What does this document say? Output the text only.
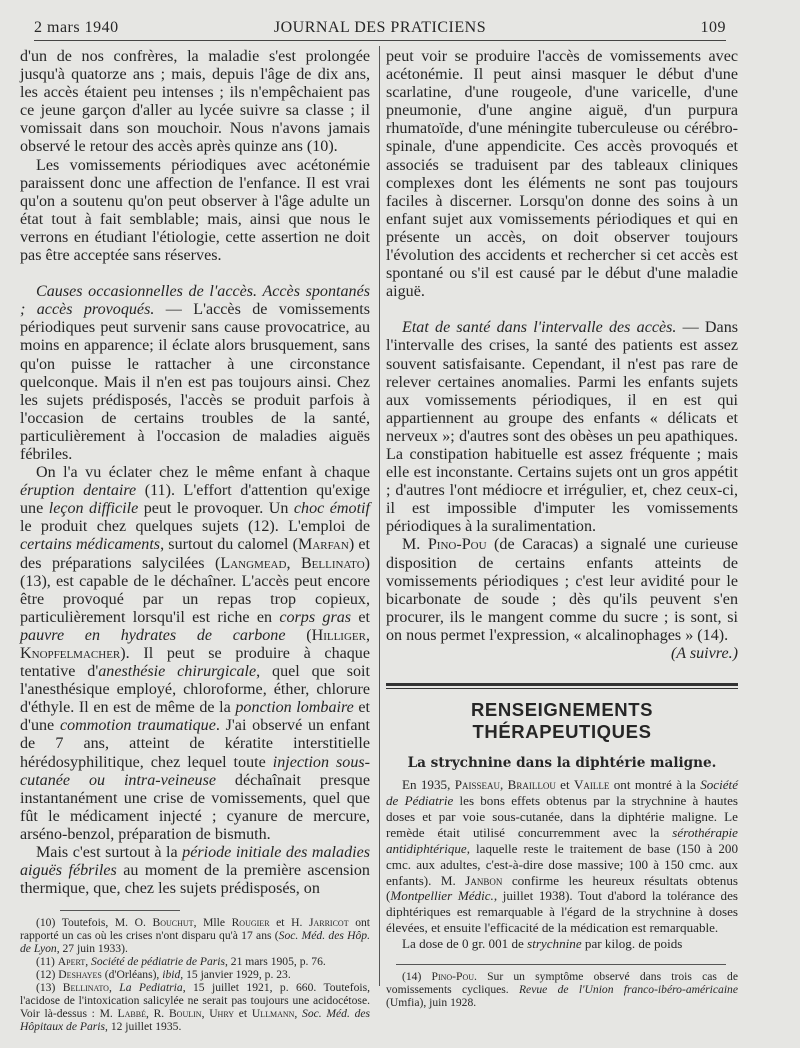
2 mars 1940	JOURNAL DES PRATICIENS	109

d'un de nos confrères, la maladie s'est prolongée jusqu'à quatorze ans ; mais, depuis l'âge de dix ans, les accès étaient peu intenses ; ils n'empêchaient pas ce jeune garçon d'aller au lycée suivre sa classe ; il vomissait dans son mouchoir. Nous n'avons jamais observé le retour des accès après quinze ans (10).

Les vomissements périodiques avec acétonémie paraissent donc une affection de l'enfance. Il est vrai qu'on a soutenu qu'on peut observer à l'âge adulte un état tout à fait semblable; mais, ainsi que nous le verrons en étudiant l'étiologie, cette assertion ne doit pas être acceptée sans réserves.

Causes occasionnelles de l'accès. Accès spontanés ; accès provoqués. — L'accès de vomissements périodiques peut survenir sans cause provocatrice, au moins en apparence; il éclate alors brusquement, sans qu'on puisse le rattacher à une circonstance quelconque. Mais il n'en est pas toujours ainsi. Chez les sujets prédisposés, l'accès se produit parfois à l'occasion de certains troubles de la santé, particulièrement à l'occasion de maladies aiguës fébriles.

On l'a vu éclater chez le même enfant à chaque éruption dentaire (11). L'effort d'attention qu'exige une leçon difficile peut le provoquer. Un choc émotif le produit chez quelques sujets (12). L'emploi de certains médicaments, surtout du calomel (Marfan) et des préparations salycilées (Langmead, Bellinato) (13), est capable de le déchaîner. L'accès peut encore être provoqué par un repas trop copieux, particulièrement lorsqu'il est riche en corps gras et pauvre en hydrates de carbone (Hilliger, Knopfelmacher). Il peut se produire à chaque tentative d'anesthésie chirurgicale, quel que soit l'anesthésique employé, chloroforme, éther, chlorure d'éthyle. Il en est de même de la ponction lombaire et d'une commotion traumatique. J'ai observé un enfant de 7 ans, atteint de kératite interstitielle hérédosyphilitique, chez lequel toute injection sous-cutanée ou intra-veineuse déchaînait presque instantanément une crise de vomissements, quel que fût le médicament injecté ; cyanure de mercure, arséno-benzol, préparation de bismuth.

Mais c'est surtout à la période initiale des maladies aiguës fébriles au moment de la première ascension thermique, que, chez les sujets prédisposés, on

(10) Toutefois, M. O. Bouchut, Mlle Rougier et H. Jarricot ont rapporté un cas où les crises n'ont disparu qu'à 17 ans (Soc. Méd. des Hôp. de Lyon, 27 juin 1933).

(11) Apert, Société de pédiatrie de Paris, 21 mars 1905, p. 76.

(12) Deshayes (d'Orléans), ibid, 15 janvier 1929, p. 23.

(13) Bellinato, La Pediatria, 15 juillet 1921, p. 660. Toutefois, l'acidose de l'intoxication salicylée ne serait pas toujours une acidocétose. Voir là-dessus : M. Labbé, R. Boulin, Uhry et Ullmann, Soc. Méd. des Hôpitaux de Paris, 12 juillet 1935.

peut voir se produire l'accès de vomissements avec acétonémie. Il peut ainsi masquer le début d'une scarlatine, d'une rougeole, d'une varicelle, d'une pneumonie, d'une angine aiguë, d'un purpura rhumatoïde, d'une méningite tuberculeuse ou cérébro-spinale, d'une appendicite. Ces accès provoqués et associés se traduisent par des tableaux cliniques complexes dont les éléments ne sont pas toujours faciles à discerner. Lorsqu'on donne des soins à un enfant sujet aux vomissements périodiques et qui en présente un accès, on doit observer toujours l'évolution des accidents et rechercher si cet accès est spontané ou s'il est causé par le début d'une maladie aiguë.

Etat de santé dans l'intervalle des accès. — Dans l'intervalle des crises, la santé des patients est assez souvent satisfaisante. Cependant, il n'est pas rare de relever certaines anomalies. Parmi les enfants sujets aux vomissements périodiques, il en est qui appartiennent au groupe des enfants « délicats et nerveux »; d'autres sont des obèses un peu apathiques. La constipation habituelle est assez fréquente ; mais elle est inconstante. Certains sujets ont un gros appétit ; d'autres l'ont médiocre et irrégulier, et, chez ceux-ci, il est impossible d'imputer les vomissements périodiques à la suralimentation.

M. Pino-Pou (de Caracas) a signalé une curieuse disposition de certains enfants atteints de vomissements périodiques ; c'est leur avidité pour le bicarbonate de soude ; dès qu'ils peuvent s'en procurer, ils le mangent comme du sucre ; is sont, si on nous permet l'expression, « alcalinophages » (14).

(A suivre.)

RENSEIGNEMENTS THÉRAPEUTIQUES
La strychnine dans la diphtérie maligne.

En 1935, Paisseau, Braillou et Vaille ont montré à la Société de Pédiatrie les bons effets obtenus par la strychnine à hautes doses et par voie sous-cutanée, dans la diphtérie maligne. Le remède était utilisé concurremment avec la sérothérapie antidiphtérique, laquelle reste le traitement de base (150 à 200 cmc. aux adultes, c'est-à-dire dose massive; 100 à 150 cmc. aux enfants). M. Janbon confirme les heureux résultats obtenus (Montpellier Médic., juillet 1938). Tout d'abord la tolérance des diphtériques est remarquable à l'égard de la strychnine à doses élevées, et ensuite l'efficacité de la médication est remarquable.

La dose de 0 gr. 001 de strychnine par kilog. de poids

(14) Pino-Pou. Sur un symptôme observé dans trois cas de vomissements cycliques. Revue de l'Union franco-ibéro-américaine (Umfia), juin 1928.
